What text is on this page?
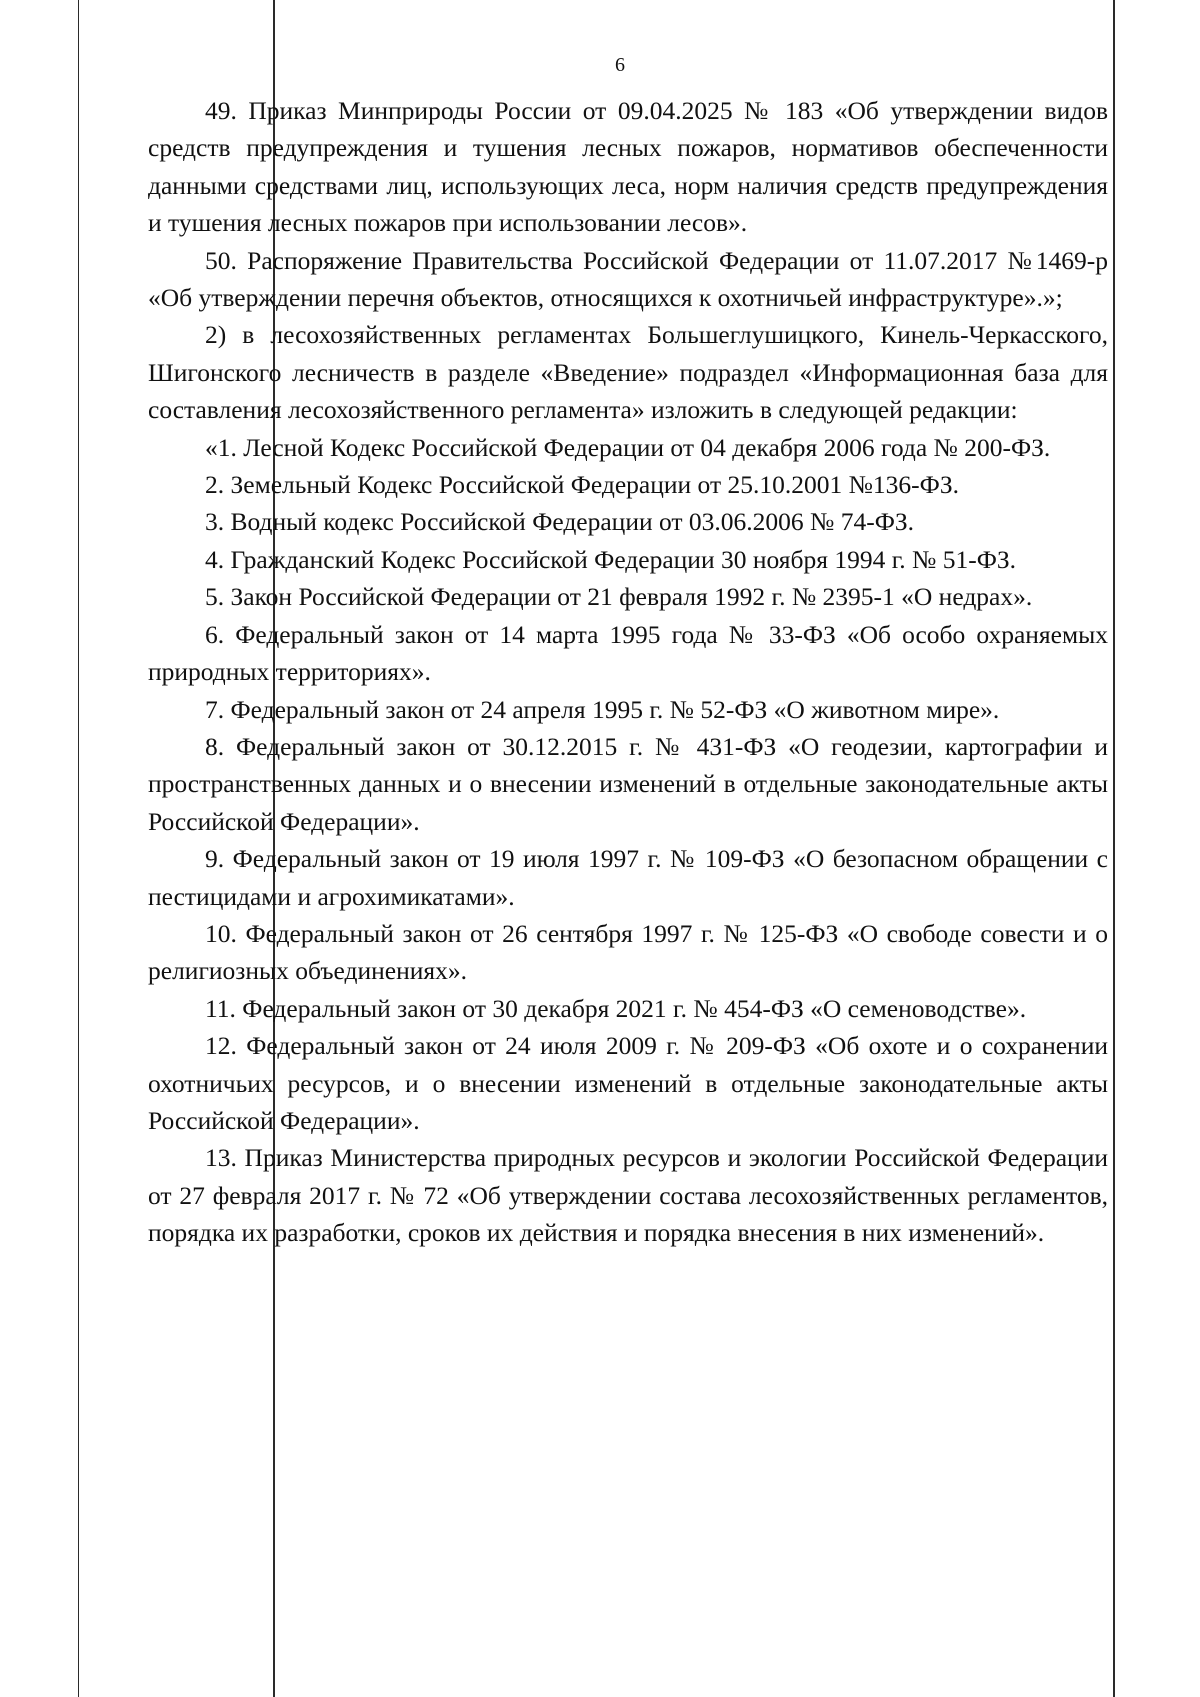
6

49. Приказ Минприроды России от 09.04.2025 № 183 «Об утверждении видов средств предупреждения и тушения лесных пожаров, нормативов обеспеченности данными средствами лиц, использующих леса, норм наличия средств предупреждения и тушения лесных пожаров при использовании лесов».

50. Распоряжение Правительства Российской Федерации от 11.07.2017 №1469-р «Об утверждении перечня объектов, относящихся к охотничьей инфраструктуре».»;

2) в лесохозяйственных регламентах Большеглушицкого, Кинель-Черкасского, Шигонского лесничеств в разделе «Введение» подраздел «Информационная база для составления лесохозяйственного регламента» изложить в следующей редакции:

«1. Лесной Кодекс Российской Федерации от 04 декабря 2006 года № 200-ФЗ.

2. Земельный Кодекс Российской Федерации от 25.10.2001 №136-ФЗ.

3. Водный кодекс Российской Федерации от 03.06.2006 № 74-ФЗ.

4. Гражданский Кодекс Российской Федерации 30 ноября 1994 г. № 51-ФЗ.

5. Закон Российской Федерации от 21 февраля 1992 г. № 2395-1 «О недрах».

6. Федеральный закон от 14 марта 1995 года № 33-ФЗ «Об особо охраняемых природных территориях».

7. Федеральный закон от 24 апреля 1995 г. № 52-ФЗ «О животном мире».

8. Федеральный закон от 30.12.2015 г. № 431-ФЗ «О геодезии, картографии и пространственных данных и о внесении изменений в отдельные законодательные акты Российской Федерации».

9. Федеральный закон от 19 июля 1997 г. № 109-ФЗ «О безопасном обращении с пестицидами и агрохимикатами».

10. Федеральный закон от 26 сентября 1997 г. № 125-ФЗ «О свободе совести и о религиозных объединениях».

11. Федеральный закон от 30 декабря 2021 г. № 454-ФЗ «О семеноводстве».

12. Федеральный закон от 24 июля 2009 г. № 209-ФЗ «Об охоте и о сохранении охотничьих ресурсов, и о внесении изменений в отдельные законодательные акты Российской Федерации».

13. Приказ Министерства природных ресурсов и экологии Российской Федерации от 27 февраля 2017 г. № 72 «Об утверждении состава лесохозяйственных регламентов, порядка их разработки, сроков их действия и порядка внесения в них изменений».
